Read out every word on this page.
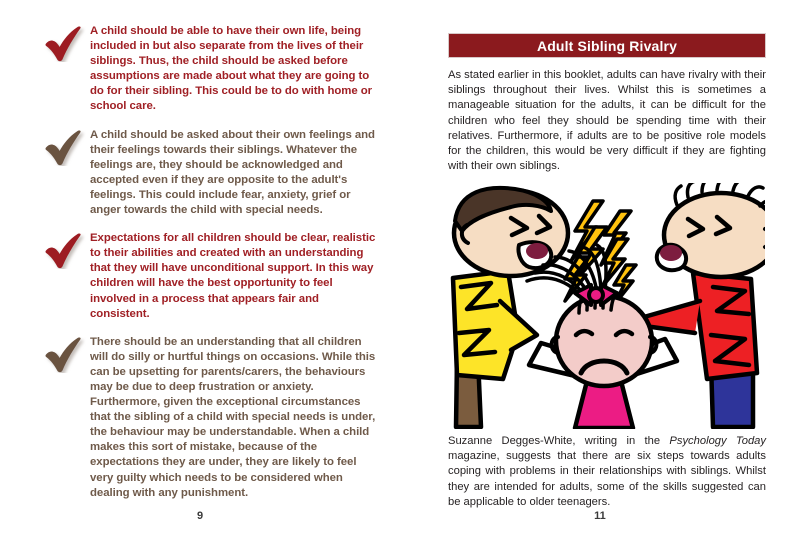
A child should be able to have their own life, being included in but also separate from the lives of their siblings. Thus, the child should be asked before assumptions are made about what they are going to do for their sibling. This could be to do with home or school care.
A child should be asked about their own feelings and their feelings towards their siblings. Whatever the feelings are, they should be acknowledged and accepted even if they are opposite to the adult's feelings. This could include fear, anxiety, grief or anger towards the child with special needs.
Expectations for all children should be clear, realistic to their abilities and created with an understanding that they will have unconditional support. In this way children will have the best opportunity to feel involved in a process that appears fair and consistent.
There should be an understanding that all children will do silly or hurtful things on occasions. While this can be upsetting for parents/carers, the behaviours may be due to deep frustration or anxiety. Furthermore, given the exceptional circumstances that the sibling of a child with special needs is under, the behaviour may be understandable. When a child makes this sort of mistake, because of the expectations they are under, they are likely to feel very guilty which needs to be considered when dealing with any punishment.
9
Adult Sibling Rivalry
As stated earlier in this booklet, adults can have rivalry with their siblings throughout their lives. Whilst this is sometimes a manageable situation for the adults, it can be difficult for the children who feel they should be spending time with their relatives. Furthermore, if adults are to be positive role models for the children, this would be very difficult if they are fighting with their own siblings.
Suzanne Degges-White, writing in the Psychology Today magazine, suggests that there are six steps towards adults coping with problems in their relationships with siblings. Whilst they are intended for adults, some of the skills suggested can be applicable to older teenagers.
11
